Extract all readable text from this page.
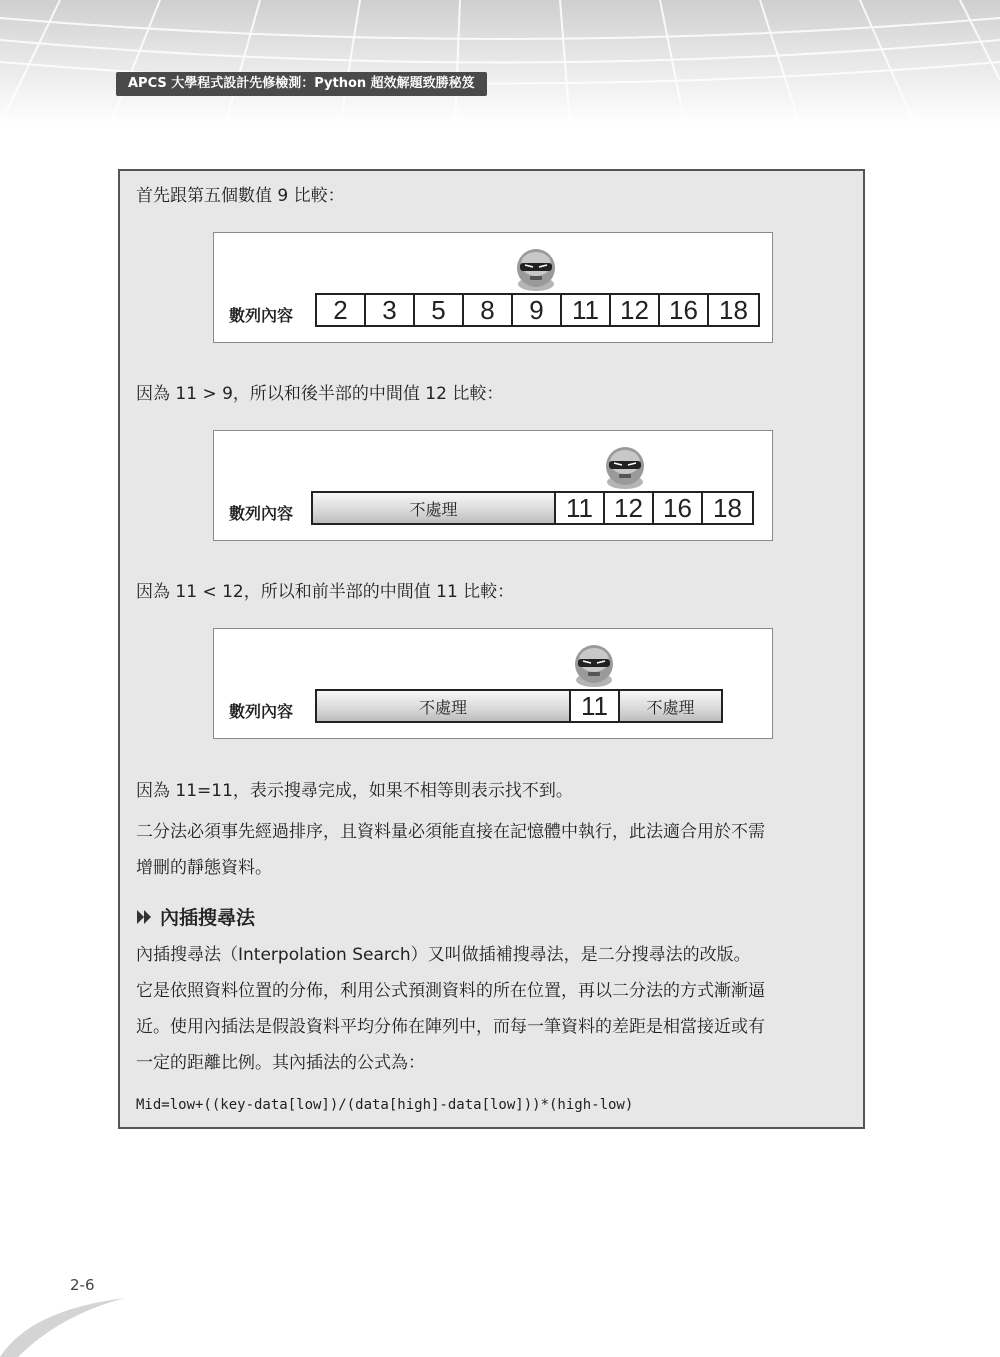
APCS 大學程式設計先修檢測：Python 超效解題致勝秘笈
首先跟第五個數值 9 比較：
數列內容	2	3	5	8	9	11 12 16 18
因為 11 > 9，所以和後半部的中間值 12 比較：
數列內容	不處理	11 12 16 18
因為 11 < 12，所以和前半部的中間值 11 比較：
數列內容	不處理	11	不處理
因為 11=11，表示搜尋完成，如果不相等則表示找不到。
二分法必須事先經過排序，且資料量必須能直接在記憶體中執行，此法適合用於不需
增刪的靜態資料。
內插搜尋法
內插搜尋法（Interpolation Search）又叫做插補搜尋法，是二分搜尋法的改版。
它是依照資料位置的分佈，利用公式預測資料的所在位置，再以二分法的方式漸漸逼
近。使用內插法是假設資料平均分佈在陣列中，而每一筆資料的差距是相當接近或有
一定的距離比例。其內插法的公式為：
Mid=low+((key-data[low])/(data[high]-data[low]))*(high-low)
2-6
